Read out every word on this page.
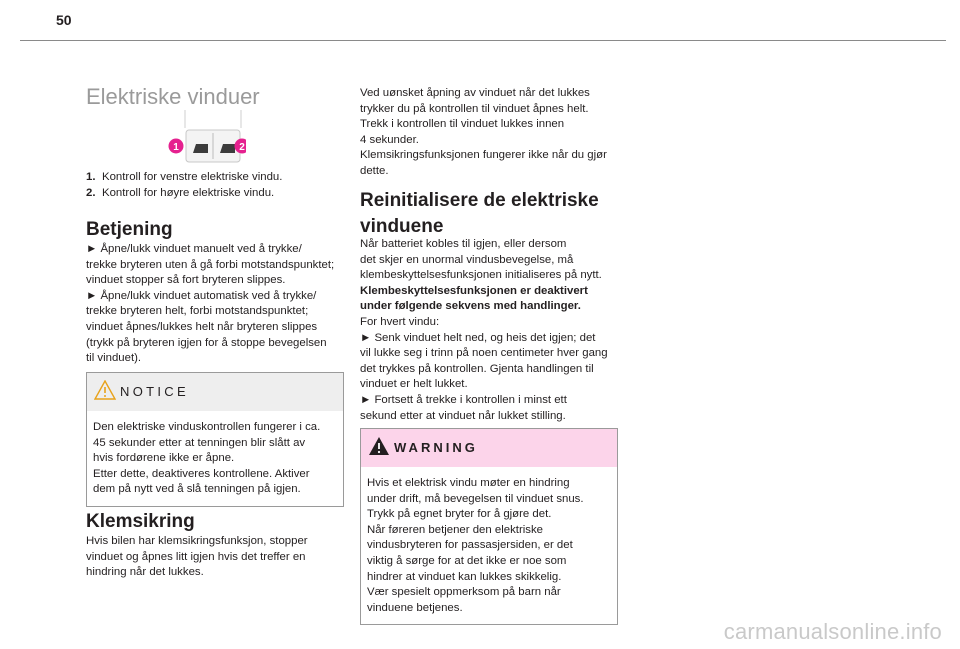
50
Elektriske vinduer
1. Kontroll for venstre elektriske vindu.
2. Kontroll for høyre elektriske vindu.
Betjening
► Åpne/lukk vinduet manuelt ved å trykke/
trekke bryteren uten å gå forbi motstandspunktet;
vinduet stopper så fort bryteren slippes.
► Åpne/lukk vinduet automatisk ved å trykke/
trekke bryteren helt, forbi motstandspunktet;
vinduet åpnes/lukkes helt når bryteren slippes
(trykk på bryteren igjen for å stoppe bevegelsen
til vinduet).
NOTICE
Den elektriske vinduskontrollen fungerer i ca.
45 sekunder etter at tenningen blir slått av
hvis fordørene ikke er åpne.
Etter dette, deaktiveres kontrollene. Aktiver
dem på nytt ved å slå tenningen på igjen.
Klemsikring
Hvis bilen har klemsikringsfunksjon, stopper
vinduet og åpnes litt igjen hvis det treffer en
hindring når det lukkes.
1	2
Ved uønsket åpning av vinduet når det lukkes
trykker du på kontrollen til vinduet åpnes helt.
Trekk i kontrollen til vinduet lukkes innen
4 sekunder.
Klemsikringsfunksjonen fungerer ikke når du gjør
dette.
Reinitialisere de elektriske
vinduene
Når batteriet kobles til igjen, eller dersom
det skjer en unormal vindusbevegelse, må
klembeskyttelsesfunksjonen initialiseres på nytt.
Klembeskyttelsesfunksjonen er deaktivert
under følgende sekvens med handlinger.
For hvert vindu:
► Senk vinduet helt ned, og heis det igjen; det
vil lukke seg i trinn på noen centimeter hver gang
det trykkes på kontrollen. Gjenta handlingen til
vinduet er helt lukket.
► Fortsett å trekke i kontrollen i minst ett
sekund etter at vinduet når lukket stilling.
WARNING
Hvis et elektrisk vindu møter en hindring
under drift, må bevegelsen til vinduet snus.
Trykk på egnet bryter for å gjøre det.
Når føreren betjener den elektriske
vindusbryteren for passasjersiden, er det
viktig å sørge for at det ikke er noe som
hindrer at vinduet kan lukkes skikkelig.
Vær spesielt oppmerksom på barn når
vinduene betjenes.
carmanualsonline.info
